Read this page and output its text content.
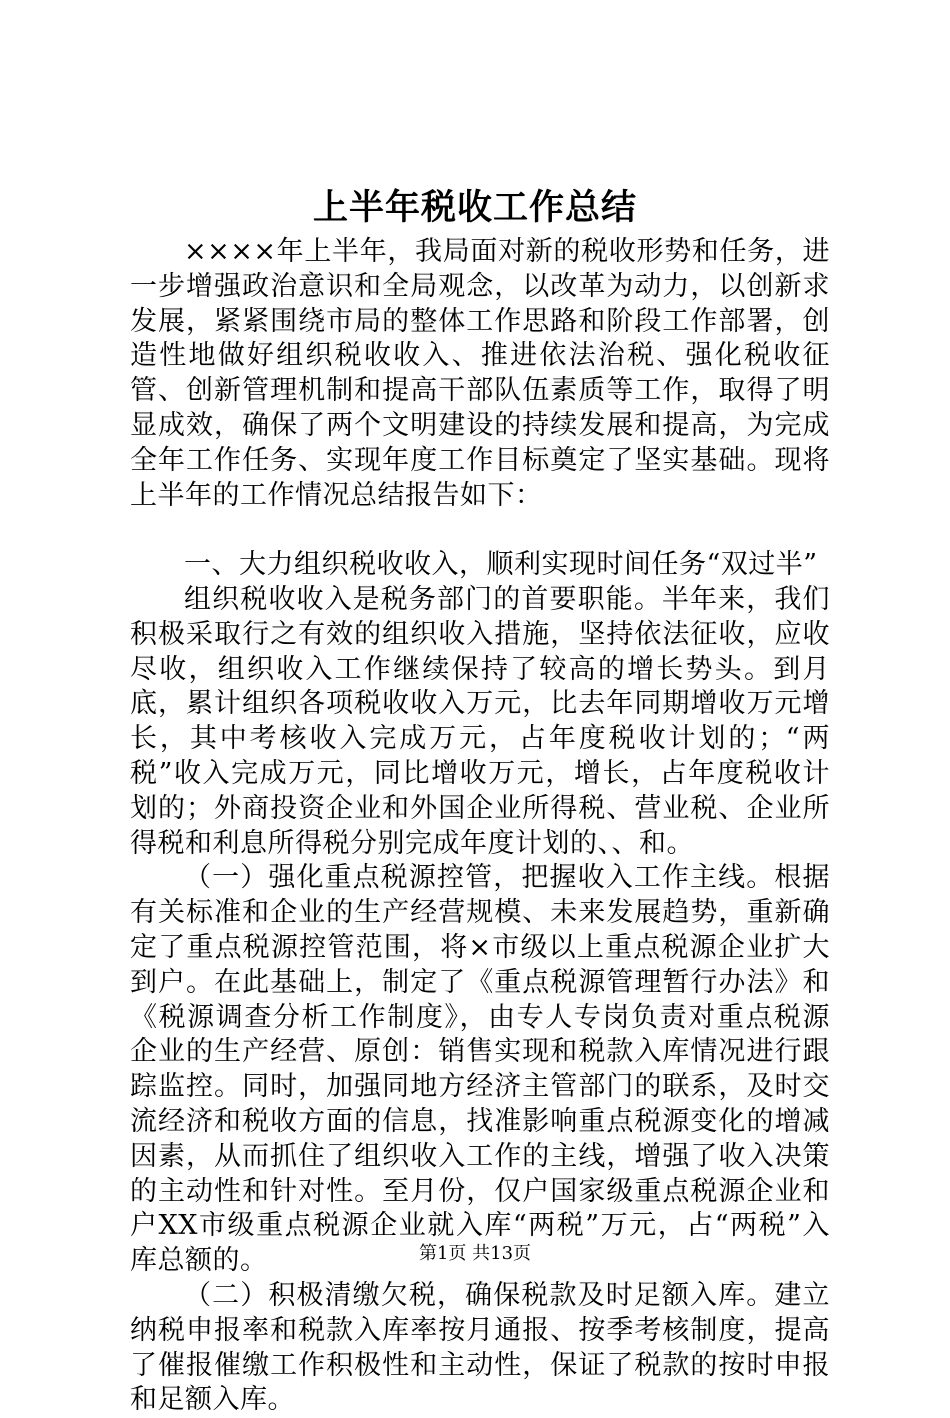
上半年税收工作总结

××××年上半年，我局面对新的税收形势和任务，进一步增强政治意识和全局观念，以改革为动力，以创新求发展，紧紧围绕市局的整体工作思路和阶段工作部署，创造性地做好组织税收收入、推进依法治税、强化税收征管、创新管理机制和提高干部队伍素质等工作，取得了明显成效，确保了两个文明建设的持续发展和提高，为完成全年工作任务、实现年度工作目标奠定了坚实基础。现将上半年的工作情况总结报告如下：

一、大力组织税收收入，顺利实现时间任务“双过半”

组织税收收入是税务部门的首要职能。半年来，我们积极采取行之有效的组织收入措施，坚持依法征收，应收尽收，组织收入工作继续保持了较高的增长势头。到月底，累计组织各项税收收入万元，比去年同期增收万元增长，其中考核收入完成万元，占年度税收计划的；“两税”收入完成万元，同比增收万元，增长，占年度税收计划的；外商投资企业和外国企业所得税、营业税、企业所得税和利息所得税分别完成年度计划的、、和。

（一）强化重点税源控管，把握收入工作主线。根据有关标准和企业的生产经营规模、未来发展趋势，重新确定了重点税源控管范围，将×市级以上重点税源企业扩大到户。在此基础上，制定了《重点税源管理暂行办法》和《税源调查分析工作制度》，由专人专岗负责对重点税源企业的生产经营、原创：销售实现和税款入库情况进行跟踪监控。同时，加强同地方经济主管部门的联系，及时交流经济和税收方面的信息，找准影响重点税源变化的增减因素，从而抓住了组织收入工作的主线，增强了收入决策的主动性和针对性。至月份，仅户国家级重点税源企业和户XX市级重点税源企业就入库“两税”万元，占“两税”入库总额的。

（二）积极清缴欠税，确保税款及时足额入库。建立纳税申报率和税款入库率按月通报、按季考核制度，提高了催报催缴工作积极性和主动性，保证了税款的按时申报和足额入库。

第1页 共13页
